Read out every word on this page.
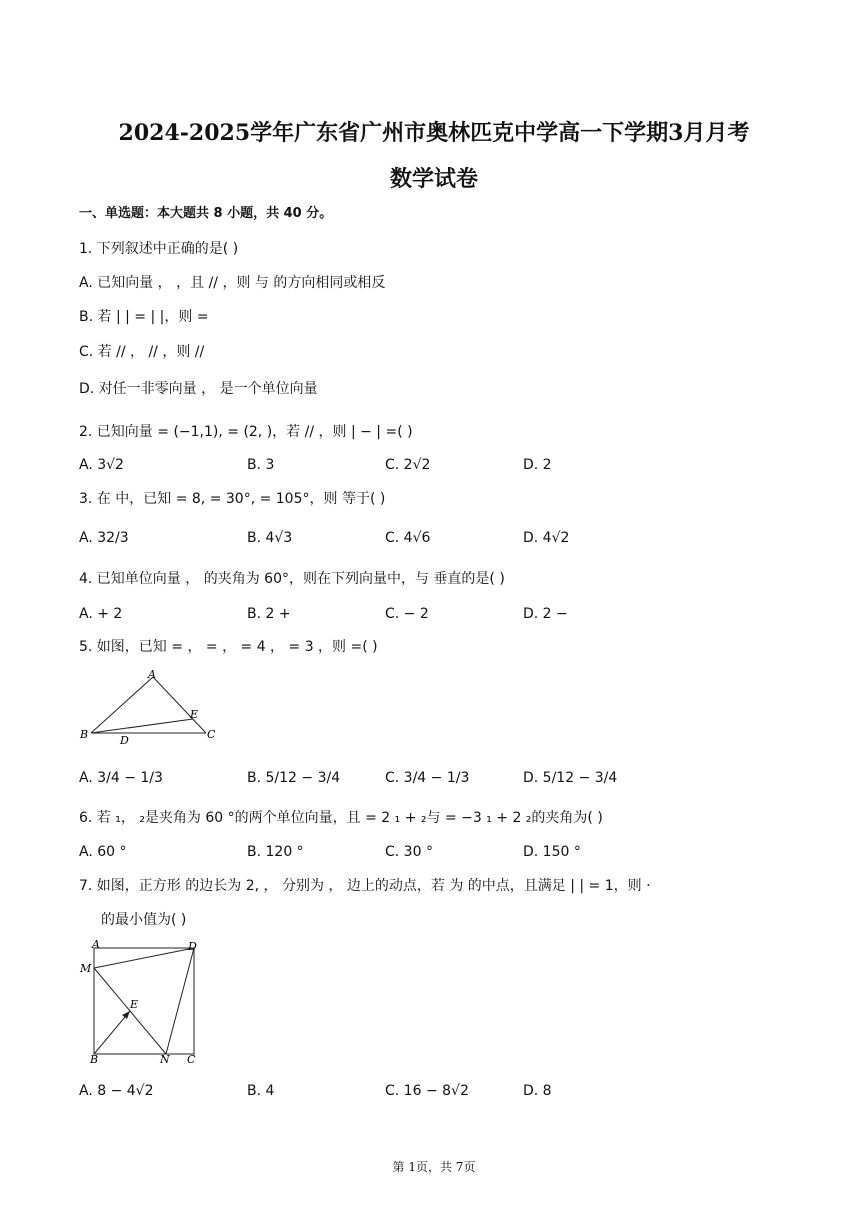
2024-2025学年广东省广州市奥林匹克中学高一下学期3月月考
数学试卷
一、单选题：本大题共 8 小题，共 40 分。
1. 下列叙述中正确的是( )
A. 已知向量 ， ，且 // ，则 与 的方向相同或相反
B. 若 | | = | |，则 =
C. 若 // ， // ，则 //
D. 对任一非零向量 ， 是一个单位向量
2. 已知向量 = (−1,1), = (2, )，若 // ，则 | − | =( )
A. 3√2	B. 3	C. 2√2	D. 2
3. 在 中，已知 = 8, = 30°, = 105°，则 等于( )
A. 32/3	B. 4√3	C. 4√6	D. 4√2
4. 已知单位向量 ， 的夹角为 60°，则在下列向量中，与 垂直的是( )
A. + 2	B. 2 +	C. − 2	D. 2 −
5. 如图，已知 = ， = ， = 4 ， = 3 ，则 =( )
A
B	C
D
E
A. 3/4 − 1/3	B. 5/12 − 3/4	C. 3/4 − 1/3	D. 5/12 − 3/4
6. 若 ₁， ₂是夹角为 60 °的两个单位向量，且 = 2 ₁ + ₂与 = −3 ₁ + 2 ₂的夹角为( )
A. 60 °	B. 120 °	C. 30 °	D. 150 °
7. 如图，正方形 的边长为 2, ， 分别为 ， 边上的动点，若 为 的中点，且满足 | | = 1，则 ·
的最小值为( )
A	D
M
E
B	N C
A. 8 − 4√2	B. 4	C. 16 − 8√2	D. 8
第 1页，共 7页
